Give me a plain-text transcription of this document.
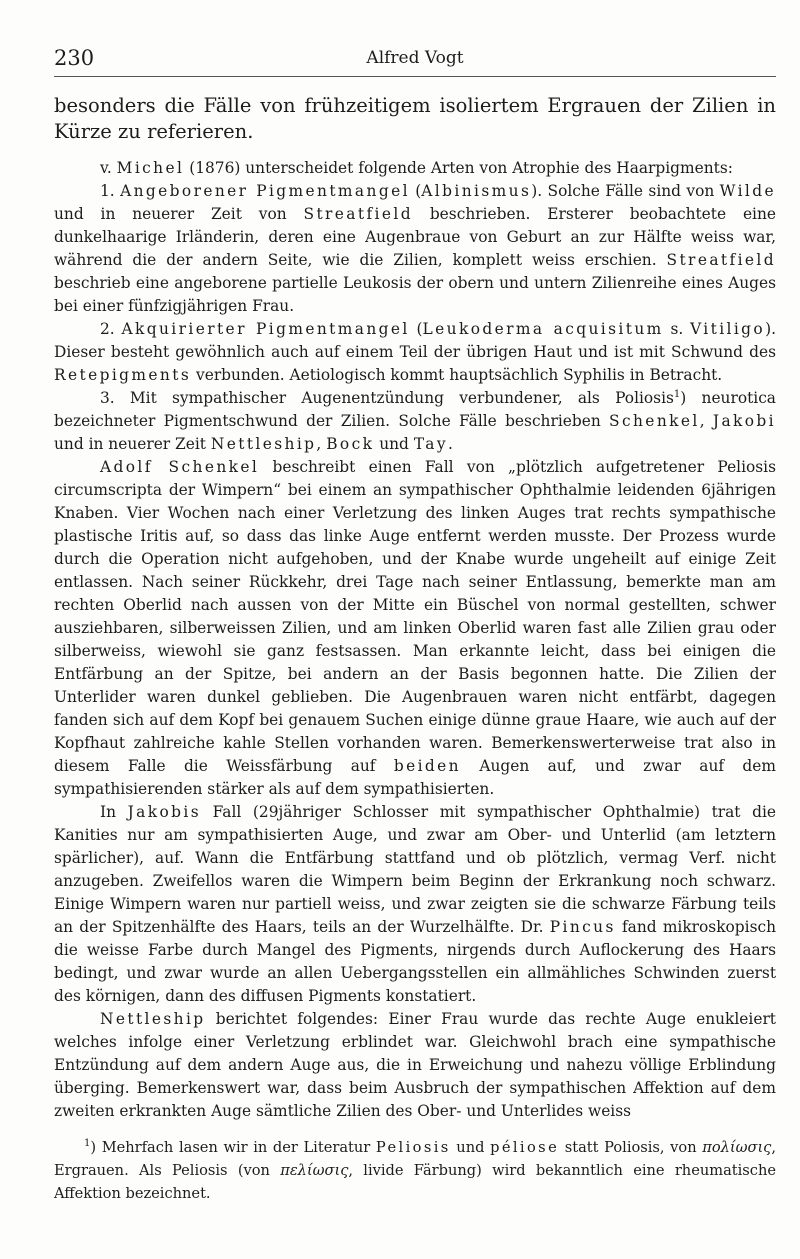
230	Alfred Vogt

besonders die Fälle von frühzeitigem isoliertem Ergrauen der Zilien in Kürze zu referieren.

v. Michel (1876) unterscheidet folgende Arten von Atrophie des Haarpigments:

1. Angeborener Pigmentmangel (Albinismus). Solche Fälle sind von Wilde und in neuerer Zeit von Streatfield beschrieben. Ersterer beobachtete eine dunkelhaarige Irländerin, deren eine Augenbraue von Geburt an zur Hälfte weiss war, während die der andern Seite, wie die Zilien, komplett weiss erschien. Streatfield beschrieb eine angeborene partielle Leukosis der obern und untern Zilienreihe eines Auges bei einer fünfzigjährigen Frau.

2. Akquirierter Pigmentmangel (Leukoderma acquisitum s. Vitiligo). Dieser besteht gewöhnlich auch auf einem Teil der übrigen Haut und ist mit Schwund des Retepigments verbunden. Aetiologisch kommt hauptsächlich Syphilis in Betracht.

3. Mit sympathischer Augenentzündung verbundener, als Poliosis$^1$) neurotica bezeichneter Pigmentschwund der Zilien. Solche Fälle beschrieben Schenkel, Jakobi und in neuerer Zeit Nettleship, Bock und Tay.

Adolf Schenkel beschreibt einen Fall von „plötzlich aufgetretener Peliosis circumscripta der Wimpern“ bei einem an sympathischer Ophthalmie leidenden 6jährigen Knaben. Vier Wochen nach einer Verletzung des linken Auges trat rechts sympathische plastische Iritis auf, so dass das linke Auge entfernt werden musste. Der Prozess wurde durch die Operation nicht aufgehoben, und der Knabe wurde ungeheilt auf einige Zeit entlassen. Nach seiner Rückkehr, drei Tage nach seiner Entlassung, bemerkte man am rechten Oberlid nach aussen von der Mitte ein Büschel von normal gestellten, schwer ausziehbaren, silberweissen Zilien, und am linken Oberlid waren fast alle Zilien grau oder silberweiss, wiewohl sie ganz festsassen. Man erkannte leicht, dass bei einigen die Entfärbung an der Spitze, bei andern an der Basis begonnen hatte. Die Zilien der Unterlider waren dunkel geblieben. Die Augenbrauen waren nicht entfärbt, dagegen fanden sich auf dem Kopf bei genauem Suchen einige dünne graue Haare, wie auch auf der Kopfhaut zahlreiche kahle Stellen vorhanden waren. Bemerkenswerterweise trat also in diesem Falle die Weissfärbung auf beiden Augen auf, und zwar auf dem sympathisierenden stärker als auf dem sympathisierten.

In Jakobis Fall (29jähriger Schlosser mit sympathischer Ophthalmie) trat die Kanities nur am sympathisierten Auge, und zwar am Ober- und Unterlid (am letztern spärlicher), auf. Wann die Entfärbung stattfand und ob plötzlich, vermag Verf. nicht anzugeben. Zweifellos waren die Wimpern beim Beginn der Erkrankung noch schwarz. Einige Wimpern waren nur partiell weiss, und zwar zeigten sie die schwarze Färbung teils an der Spitzenhälfte des Haars, teils an der Wurzelhälfte. Dr. Pincus fand mikroskopisch die weisse Farbe durch Mangel des Pigments, nirgends durch Auflockerung des Haars bedingt, und zwar wurde an allen Uebergangsstellen ein allmähliches Schwinden zuerst des körnigen, dann des diffusen Pigments konstatiert.

Nettleship berichtet folgendes: Einer Frau wurde das rechte Auge enukleiert welches infolge einer Verletzung erblindet war. Gleichwohl brach eine sympathische Entzündung auf dem andern Auge aus, die in Erweichung und nahezu völlige Erblindung überging. Bemerkenswert war, dass beim Ausbruch der sympathischen Affektion auf dem zweiten erkrankten Auge sämtliche Zilien des Ober- und Unterlides weiss

$^1$) Mehrfach lasen wir in der Literatur Peliosis und péliose statt Poliosis, von πολίωσις, Ergrauen. Als Peliosis (von πελίωσις, livide Färbung) wird bekanntlich eine rheumatische Affektion bezeichnet.
